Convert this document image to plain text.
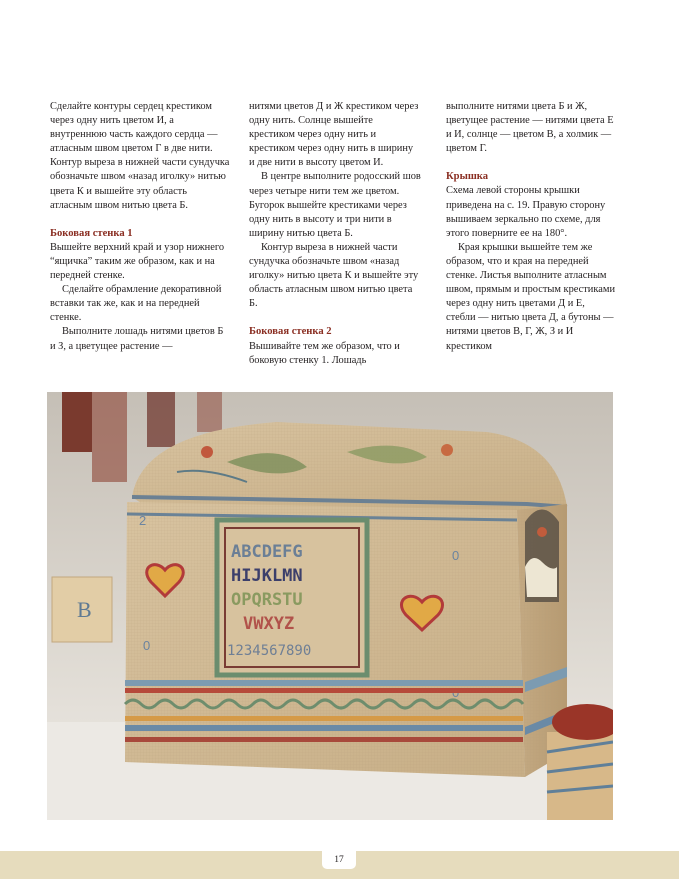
Сделайте контуры сердец крестиком через одну нить цветом И, а внутреннюю часть каждого сердца — атласным швом цветом Г в две нити. Контур выреза в нижней части сундучка обозначьте швом «назад иголку» нитью цвета К и вышейте эту область атласным швом нитью цвета Б.

Боковая стенка 1

Вышейте верхний край и узор нижнего “ящичка” таким же образом, как и на передней стенке.

Сделайте обрамление декоративной вставки так же, как и на передней стенке.

Выполните лошадь нитями цветов Б и З, а цветущее растение —

нитями цветов Д и Ж крестиком через одну нить. Солнце вышейте крестиком через одну нить и крестиком через одну нить в ширину и две нити в высоту цветом И.

В центре выполните родосский шов через четыре нити тем же цветом. Бугорок вышейте крестиками через одну нить в высоту и три нити в ширину нитью цвета Б.

Контур выреза в нижней части сундучка обозначьте швом «назад иголку» нитью цвета К и вышейте эту область атласным швом нитью цвета Б.

Боковая стенка 2

Вышивайте тем же образом, что и боковую стенку 1. Лошадь

выполните нитями цвета Б и Ж, цветущее растение — нитями цвета Е и И, солнце — цветом В, а холмик — цветом Г.

Крышка

Схема левой стороны крышки приведена на с. 19. Правую сторону вышиваем зеркально по схеме, для этого поверните ее на 180°.

Края крышки вышейте тем же образом, что и края на передней стенке. Листья выполните атласным швом, прямым и простым крестиками через одну нить цветами Д и Е, стебли — нитью цвета Д, а бутоны — нитями цветов В, Г, Ж, З и И крестиком

B
ABCDEFG
HIJKLMN
OPQRSTU
VWXYZ
1234567890
2
0
0
17
